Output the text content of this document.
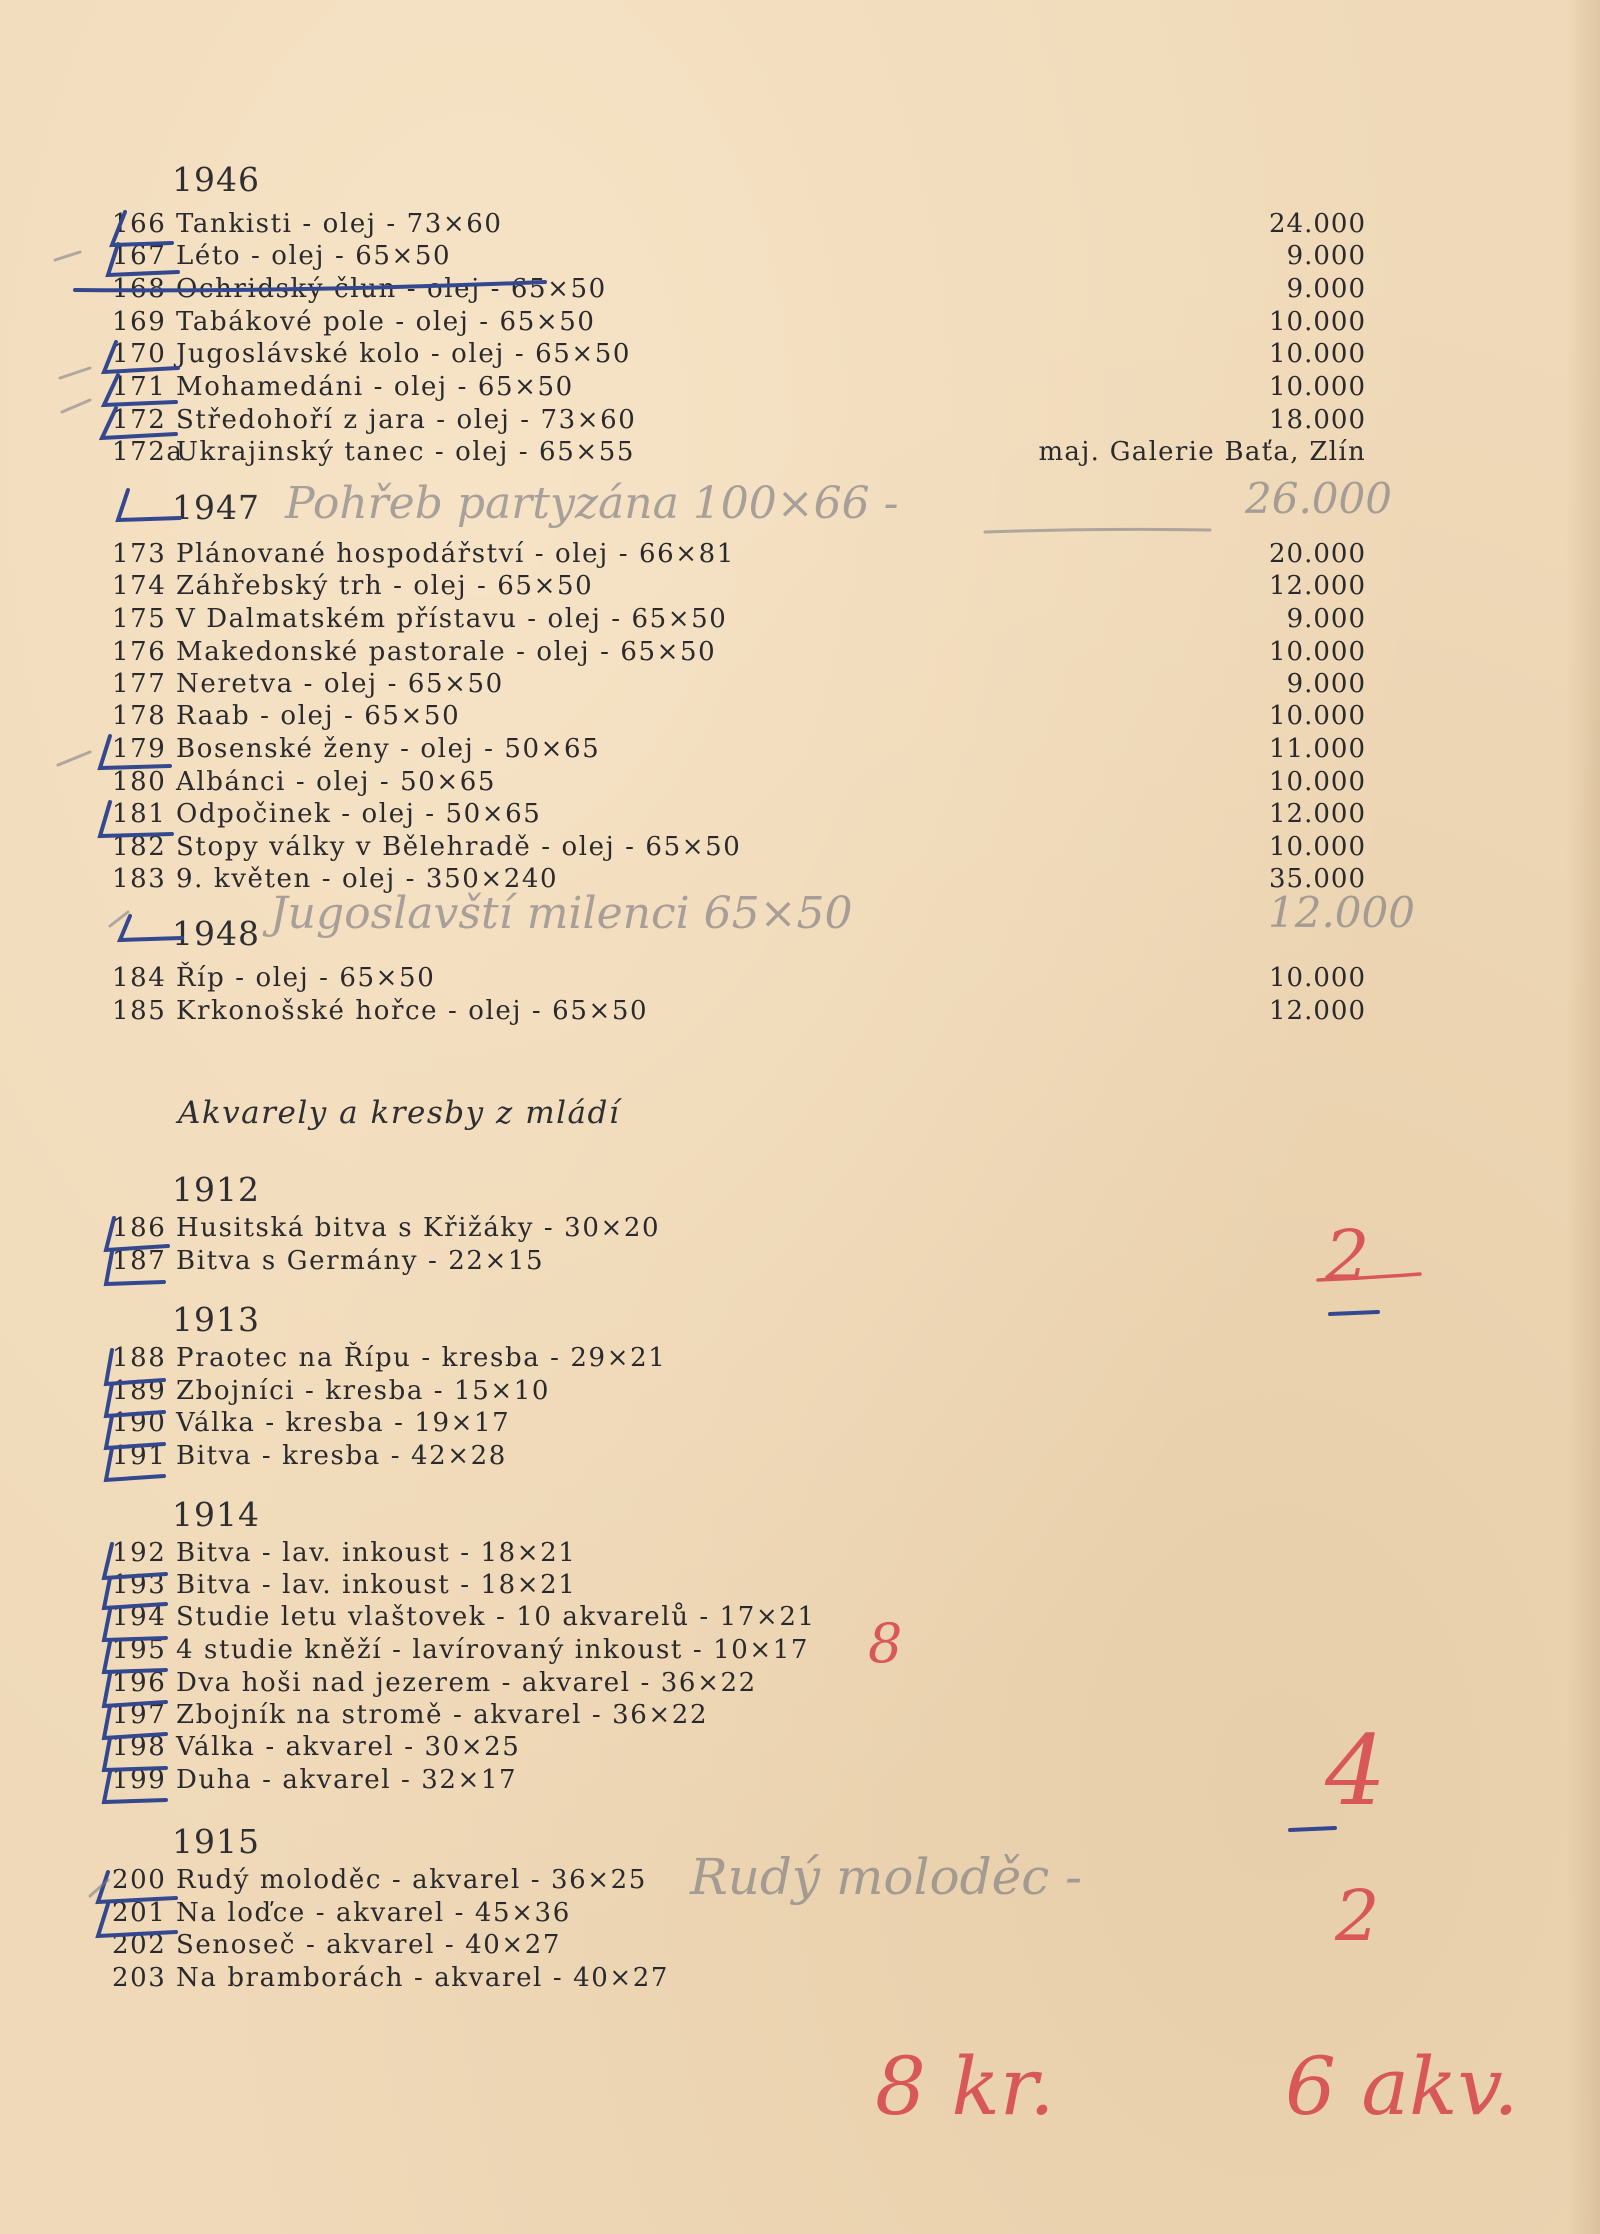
1946
1947
1948
Akvarely a kresby z mládí
1912
1913
1914
1915
166 Tankisti - olej - 73×60	24.000
167 Léto - olej - 65×50	9.000
168 Ochridský člun - olej - 65×50	9.000
169 Tabákové pole - olej - 65×50	10.000
170 Jugoslávské kolo - olej - 65×50	10.000
171 Mohamedáni - olej - 65×50	10.000
172 Středohoří z jara - olej - 73×60	18.000
172aUkrajinský tanec - olej - 65×55	maj. Galerie Baťa, Zlín
173 Plánované hospodářství - olej - 66×81	20.000
174 Záhřebský trh - olej - 65×50	12.000
175 V Dalmatském přístavu - olej - 65×50	9.000
176 Makedonské pastorale - olej - 65×50	10.000
177 Neretva - olej - 65×50	9.000
178 Raab - olej - 65×50	10.000
179 Bosenské ženy - olej - 50×65	11.000
180 Albánci - olej - 50×65	10.000
181 Odpočinek - olej - 50×65	12.000
182 Stopy války v Bělehradě - olej - 65×50	10.000
183 9. květen - olej - 350×240	35.000
184 Říp - olej - 65×50	10.000
185 Krkonošské hořce - olej - 65×50	12.000
186 Husitská bitva s Křižáky - 30×20
187 Bitva s Germány - 22×15
188 Praotec na Řípu - kresba - 29×21
189 Zbojníci - kresba - 15×10
190 Válka - kresba - 19×17
191 Bitva - kresba - 42×28
192 Bitva - lav. inkoust - 18×21
193 Bitva - lav. inkoust - 18×21
194 Studie letu vlaštovek - 10 akvarelů - 17×21
195 4 studie kněží - lavírovaný inkoust - 10×17
196 Dva hoši nad jezerem - akvarel - 36×22
197 Zbojník na stromě - akvarel - 36×22
198 Válka - akvarel - 30×25
199 Duha - akvarel - 32×17
200 Rudý moloděc - akvarel - 36×25
201 Na loďce - akvarel - 45×36
202 Senoseč - akvarel - 40×27
203 Na bramborách - akvarel - 40×27
Pohřeb partyzána 100×66 -	26.000
Jugoslavští milenci 65×50	12.000
Rudý moloděc -
2
8
4
2
8 kr.	6 akv.
